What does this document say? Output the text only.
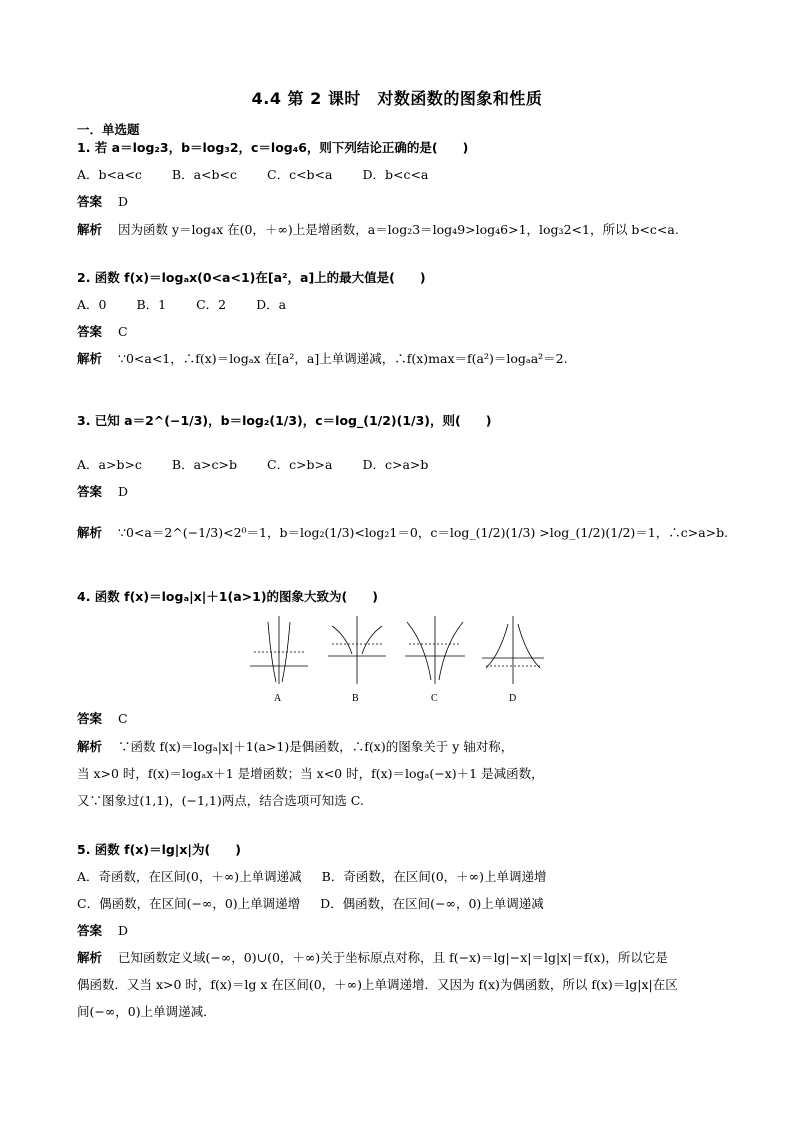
4.4 第 2 课时　对数函数的图象和性质
一．单选题
1. 若 a＝log₂3，b＝log₃2，c＝log₄6，则下列结论正确的是(　　)
A．b<a<c B．a<b<c C．c<b<a D．b<c<a
答案 D
解析 因为函数 y＝log₄x 在(0，＋∞)上是增函数，a＝log₂3＝log₄9>log₄6>1，log₃2<1，所以 b<c<a.
2. 函数 f(x)＝logₐx(0<a<1)在[a²，a]上的最大值是(　　)
A．0 B．1 C．2 D．a
答案 C
解析 ∵0<a<1，∴f(x)＝logₐx 在[a²，a]上单调递减，∴f(x)max＝f(a²)＝logₐa²＝2.
3. 已知 a＝2^(−1/3)，b＝log₂(1/3)，c＝log_(1/2)(1/3)，则(　　)
A．a>b>c B．a>c>b C．c>b>a D．c>a>b
答案 D
解析 ∵0<a＝2^(−1/3)<2⁰＝1，b＝log₂(1/3)<log₂1＝0，c＝log_(1/2)(1/3) >log_(1/2)(1/2)＝1，∴c>a>b.
4. 函数 f(x)＝logₐ|x|＋1(a>1)的图象大致为(　　)
A	B	C	D
答案 C
解析 ∵函数 f(x)＝logₐ|x|＋1(a>1)是偶函数，∴f(x)的图象关于 y 轴对称，
当 x>0 时，f(x)＝logₐx＋1 是增函数；当 x<0 时，f(x)＝logₐ(−x)＋1 是减函数，
又∵图象过(1,1)，(−1,1)两点，结合选项可知选 C.
5. 函数 f(x)＝lg|x|为(　　)
A．奇函数，在区间(0，＋∞)上单调递减 B．奇函数，在区间(0，＋∞)上单调递增
C．偶函数，在区间(−∞，0)上单调递增 D．偶函数，在区间(−∞，0)上单调递减
答案 D
解析 已知函数定义域(−∞，0)∪(0，＋∞)关于坐标原点对称，且 f(−x)＝lg|−x|＝lg|x|＝f(x)，所以它是
偶函数．又当 x>0 时，f(x)＝lg x 在区间(0，＋∞)上单调递增．又因为 f(x)为偶函数，所以 f(x)＝lg|x|在区
间(−∞，0)上单调递减．
